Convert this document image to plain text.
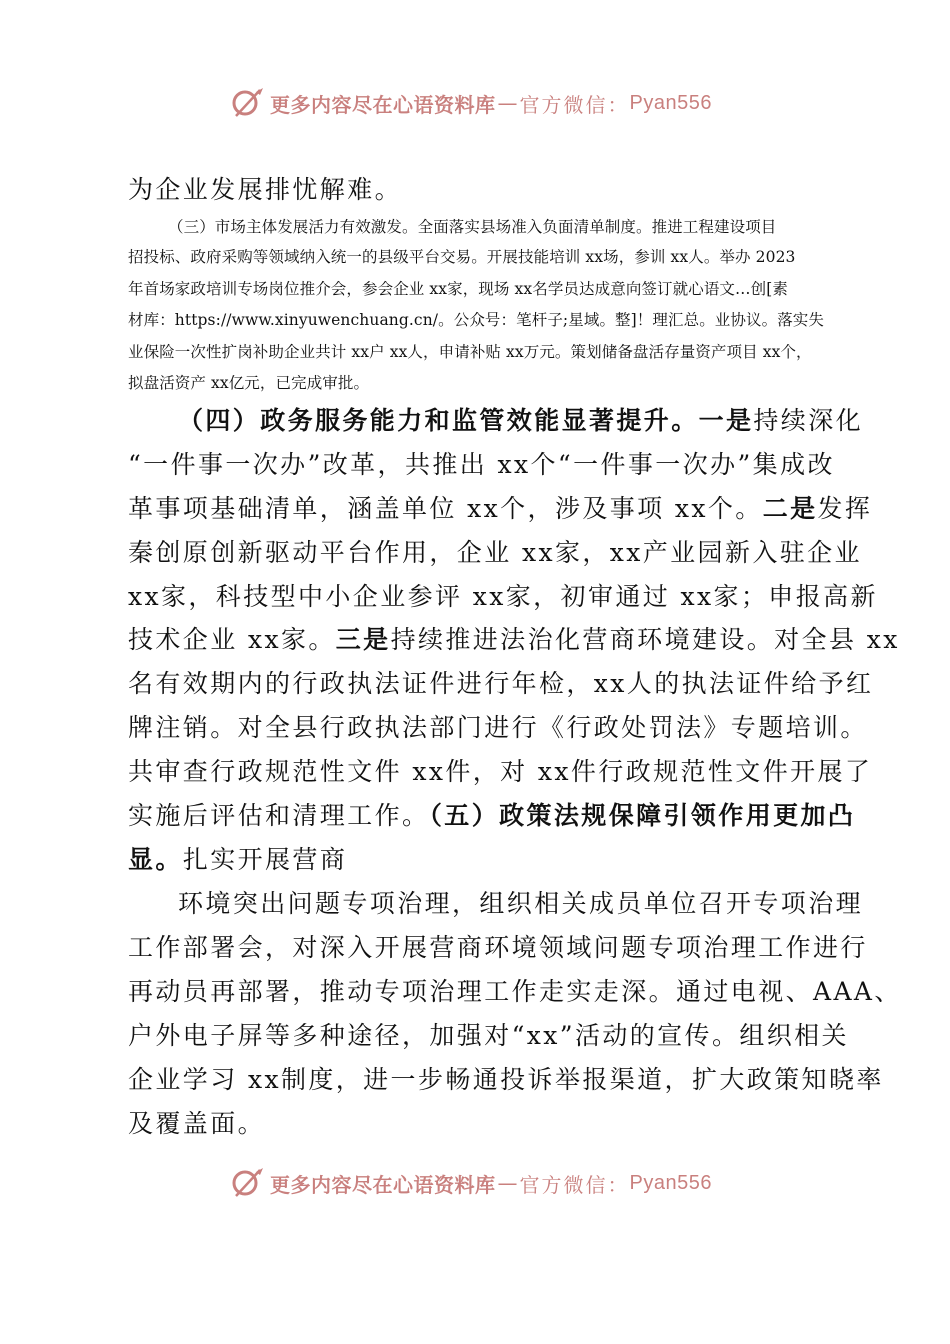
更多内容尽在心语资料库 — 官方微信： Pyan556
为企业发展排忧解难。
（三）市场主体发展活力有效激发。全面落实县场准入负面清单制度。推进工程建设项目
招投标、政府采购等领域纳入统一的县级平台交易。开展技能培训 xx场，参训 xx人。举办 2023
年首场家政培训专场岗位推介会，参会企业 xx家，现场 xx名学员达成意向签订就心语文…创[素
材库：https://www.xinyuwenchuang.cn/。公众号：笔杆子;星域。整]！理汇总。业协议。落实失
业保险一次性扩岗补助企业共计 xx户 xx人，申请补贴 xx万元。策划储备盘活存量资产项目 xx个，
拟盘活资产 xx亿元，已完成审批。
（四）政务服务能力和监管效能显著提升。一是持续深化
“一件事一次办”改革，共推出 xx个“一件事一次办”集成改
革事项基础清单，涵盖单位 xx个，涉及事项 xx个。二是发挥
秦创原创新驱动平台作用，企业 xx家，xx产业园新入驻企业
xx家，科技型中小企业参评 xx家，初审通过 xx家；申报高新
技术企业 xx家。三是持续推进法治化营商环境建设。对全县 xx
名有效期内的行政执法证件进行年检，xx人的执法证件给予红
牌注销。对全县行政执法部门进行《行政处罚法》专题培训。
共审查行政规范性文件 xx件，对 xx件行政规范性文件开展了
实施后评估和清理工作。（五）政策法规保障引领作用更加凸
显。扎实开展营商
环境突出问题专项治理，组织相关成员单位召开专项治理
工作部署会，对深入开展营商环境领域问题专项治理工作进行
再动员再部署，推动专项治理工作走实走深。通过电视、AAA、
户外电子屏等多种途径，加强对“xx”活动的宣传。组织相关
企业学习 xx制度，进一步畅通投诉举报渠道，扩大政策知晓率
及覆盖面。
更多内容尽在心语资料库 — 官方微信： Pyan556
